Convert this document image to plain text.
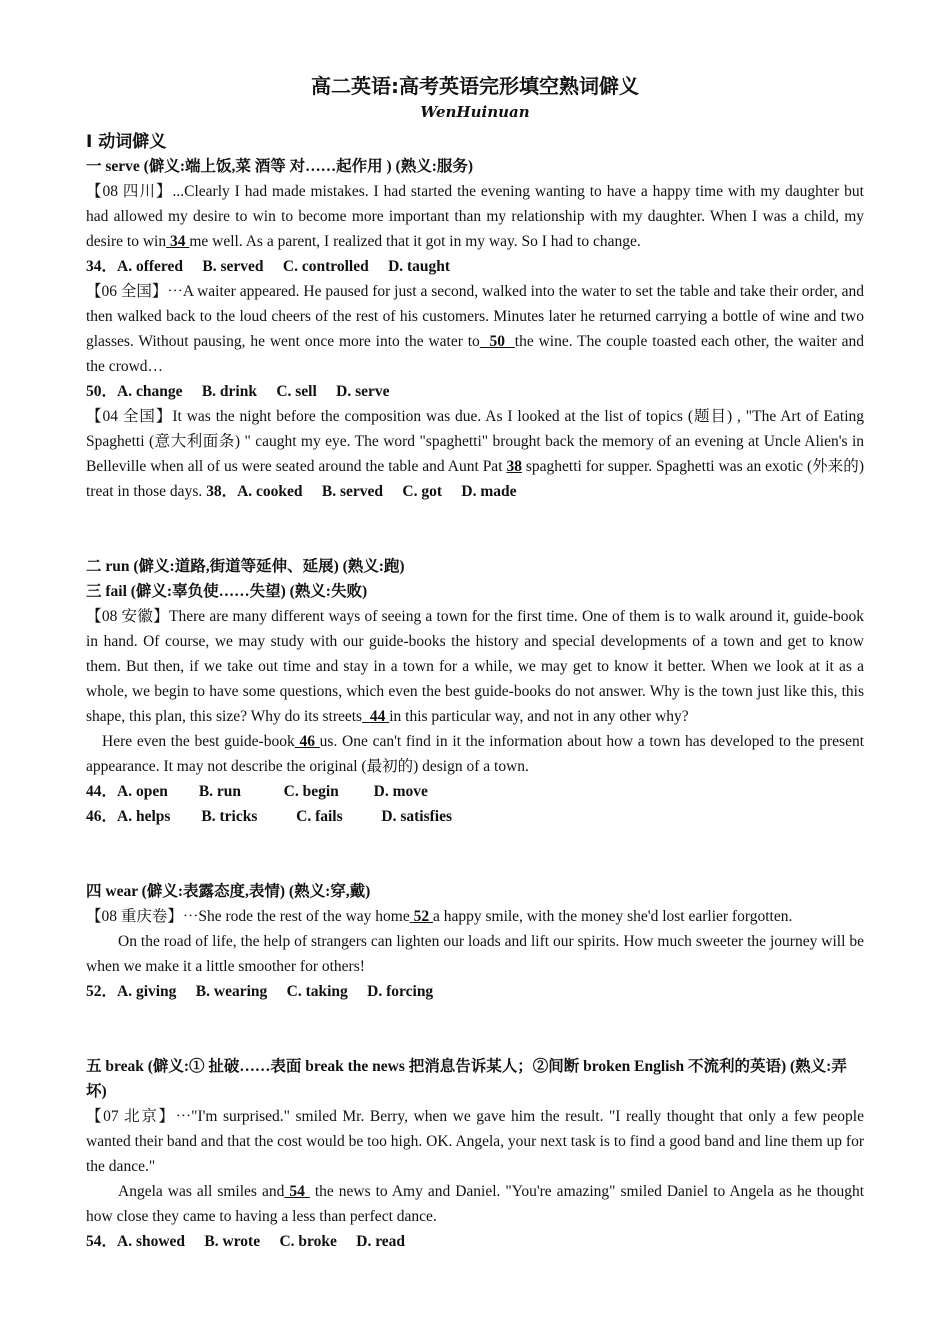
高二英语:高考英语完形填空熟词僻义

WenHuinuan

I 动词僻义

一 serve (僻义:端上饭,菜 酒等 对……起作用 ) (熟义:服务)

【08 四川】...Clearly I had made mistakes. I had started the evening wanting to have a happy time with my daughter but had allowed my desire to win to become more important than my relationship with my daughter. When I was a child, my desire to win 34 me well. As a parent, I realized that it got in my way. So I had to change.

34．A. offered     B. served     C. controlled     D. taught

【06 全国】⋯A waiter appeared. He paused for just a second, walked into the water to set the table and take their order, and then walked back to the loud cheers of the rest of his customers. Minutes later he returned carrying a bottle of wine and two glasses. Without pausing, he went once more into the water to 50 the wine. The couple toasted each other, the waiter and the crowd…

50．A. change     B. drink     C. sell     D. serve

【04 全国】It was the night before the composition was due. As I looked at the list of topics (题目) , "The Art of Eating Spaghetti (意大利面条) " caught my eye. The word "spaghetti" brought back the memory of an evening at Uncle Alien's in Belleville when all of us were seated around the table and Aunt Pat 38 spaghetti for supper. Spaghetti was an exotic (外来的) treat in those days. 38．A. cooked     B. served     C. got     D. made

二 run (僻义:道路,街道等延伸、延展) (熟义:跑)

三 fail (僻义:辜负使……失望) (熟义:失败)

【08 安徽】There are many different ways of seeing a town for the first time. One of them is to walk around it, guide-book in hand. Of course, we may study with our guide-books the history and special developments of a town and get to know them. But then, if we take out time and stay in a town for a while, we may get to know it better. When we look at it as a whole, we begin to have some questions, which even the best guide-books do not answer. Why is the town just like this, this shape, this plan, this size? Why do its streets 44 in this particular way, and not in any other why?

Here even the best guide-book 46 us. One can't find in it the information about how a town has developed to the present appearance. It may not describe the original (最初的) design of a town.

44．A. open        B. run           C. begin         D. move

46．A. helps        B. tricks          C. fails          D. satisfies

四 wear (僻义:表露态度,表情) (熟义:穿,戴)

【08 重庆卷】⋯She rode the rest of the way home 52 a happy smile, with the money she'd lost earlier forgotten.

On the road of life, the help of strangers can lighten our loads and lift our spirits. How much sweeter the journey will be when we make it a little smoother for others!

52．A. giving     B. wearing     C. taking     D. forcing

五 break (僻义:① 扯破……表面 break the news 把消息告诉某人；②间断 broken English 不流利的英语) (熟义:弄坏)

【07 北京】⋯"I'm surprised." smiled Mr. Berry, when we gave him the result. "I really thought that only a few people wanted their band and that the cost would be too high. OK. Angela, your next task is to find a good band and line them up for the dance."

Angela was all smiles and 54 the news to Amy and Daniel. "You're amazing" smiled Daniel to Angela as he thought how close they came to having a less than perfect dance.

54．A. showed     B. wrote     C. broke     D. read
